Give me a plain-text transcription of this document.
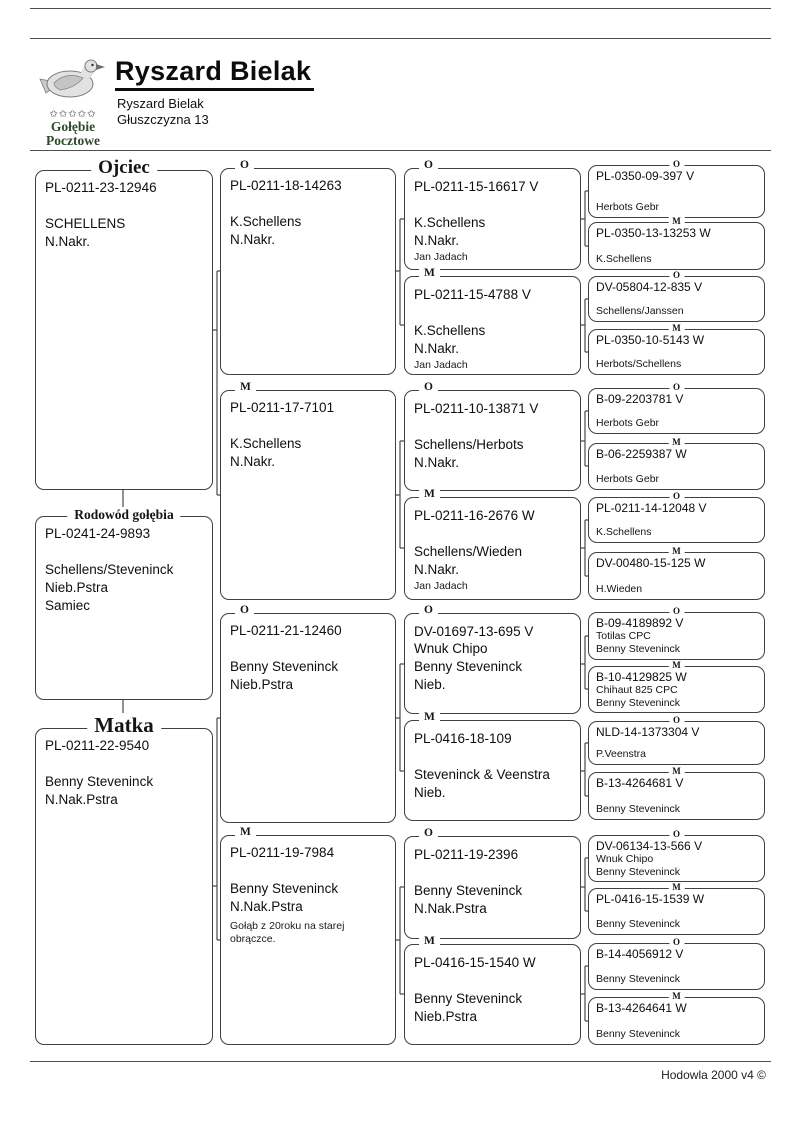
✩✩✩✩✩
Gołębie
Pocztowe
Ryszard Bielak
Ryszard Bielak
Głuszczyzna 13
Ojciec
PL-0211-23-12946
SCHELLENS
N.Nakr.
Rodowód gołębia
PL-0241-24-9893
Schellens/Steveninck
Nieb.Pstra
Samiec
Matka
PL-0211-22-9540
Benny Steveninck
N.Nak.Pstra
O
PL-0211-18-14263
K.Schellens
N.Nakr.
M
PL-0211-17-7101
K.Schellens
N.Nakr.
O
PL-0211-21-12460
Benny Steveninck
Nieb.Pstra
M
PL-0211-19-7984
Benny Steveninck
N.Nak.Pstra
Gołąb z 20roku na starej obrączce.
O
PL-0211-15-16617 V
K.Schellens
N.Nakr.
Jan Jadach
M
PL-0211-15-4788 V
K.Schellens
N.Nakr.
Jan Jadach
O
PL-0211-10-13871 V
Schellens/Herbots
N.Nakr.
M
PL-0211-16-2676 W
Schellens/Wieden
N.Nakr.
Jan Jadach
O
DV-01697-13-695 V
Wnuk Chipo
Benny Steveninck
Nieb.
M
PL-0416-18-109
Steveninck & Veenstra
Nieb.
O
PL-0211-19-2396
Benny Steveninck
N.Nak.Pstra
M
PL-0416-15-1540 W
Benny Steveninck
Nieb.Pstra
O
PL-0350-09-397 V
Herbots Gebr
M
PL-0350-13-13253 W
K.Schellens
O
DV-05804-12-835 V
Schellens/Janssen
M
PL-0350-10-5143 W
Herbots/Schellens
O
B-09-2203781 V
Herbots Gebr
M
B-06-2259387 W
Herbots Gebr
O
PL-0211-14-12048 V
K.Schellens
M
DV-00480-15-125 W
H.Wieden
O
B-09-4189892 V
Totilas CPC
Benny Steveninck
M
B-10-4129825 W
Chihaut 825 CPC
Benny Steveninck
O
NLD-14-1373304 V
P.Veenstra
M
B-13-4264681 V
Benny Steveninck
O
DV-06134-13-566 V
Wnuk Chipo
Benny Steveninck
M
PL-0416-15-1539 W
Benny Steveninck
O
B-14-4056912 V
Benny Steveninck
M
B-13-4264641 W
Benny Steveninck
Hodowla 2000 v4 ©
